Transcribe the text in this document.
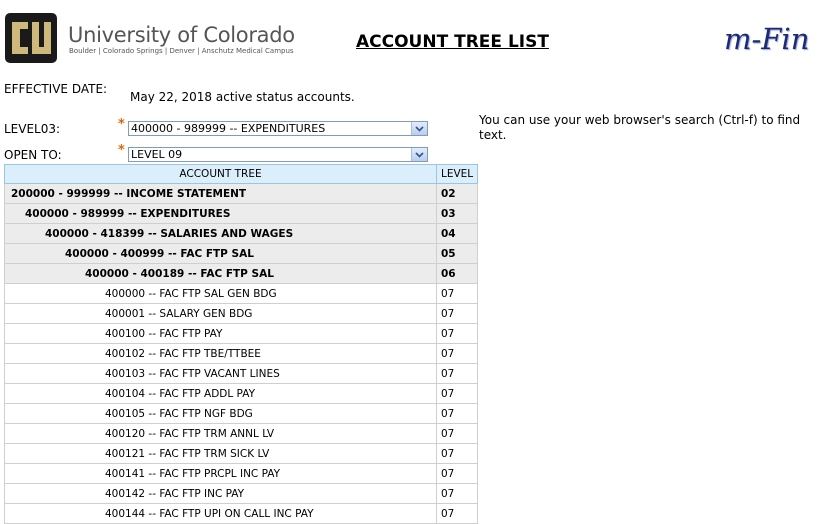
University of Colorado
Boulder | Colorado Springs | Denver | Anschutz Medical Campus	ACCOUNT TREE LIST	m-Fin
EFFECTIVE DATE:
May 22, 2018 active status accounts.
LEVEL03:	* 400000 - 989999 -- EXPENDITURES
OPEN TO:	* LEVEL 09
You can use your web browser's search (Ctrl-f) to find text.
ACCOUNT TREE	LEVEL
200000 - 999999 -- INCOME STATEMENT	02
400000 - 989999 -- EXPENDITURES	03
400000 - 418399 -- SALARIES AND WAGES	04
400000 - 400999 -- FAC FTP SAL	05
400000 - 400189 -- FAC FTP SAL	06
400000 -- FAC FTP SAL GEN BDG	07
400001 -- SALARY GEN BDG	07
400100 -- FAC FTP PAY	07
400102 -- FAC FTP TBE/TTBEE	07
400103 -- FAC FTP VACANT LINES	07
400104 -- FAC FTP ADDL PAY	07
400105 -- FAC FTP NGF BDG	07
400120 -- FAC FTP TRM ANNL LV	07
400121 -- FAC FTP TRM SICK LV	07
400141 -- FAC FTP PRCPL INC PAY	07
400142 -- FAC FTP INC PAY	07
400144 -- FAC FTP UPI ON CALL INC PAY	07
